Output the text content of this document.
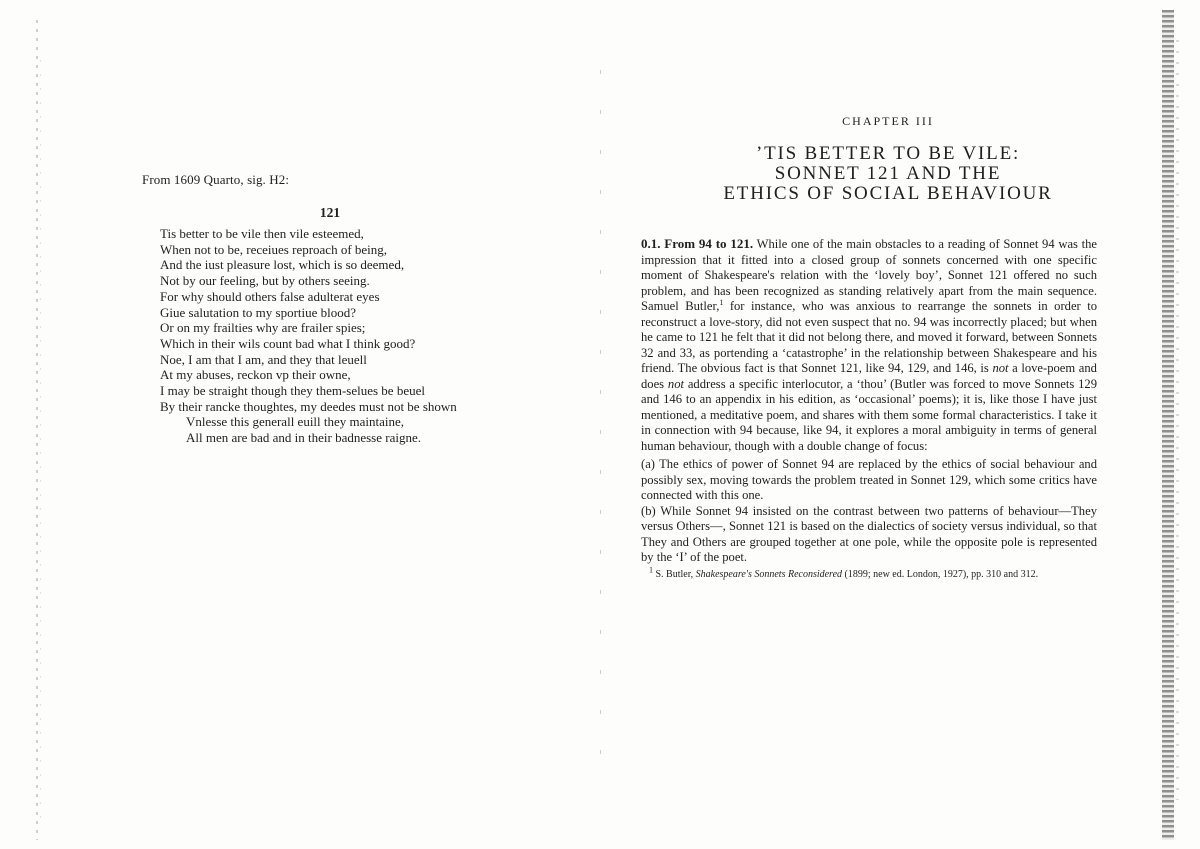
From 1609 Quarto, sig. H2:
121
Tis better to be vile then vile esteemed,
When not to be, receiues reproach of being,
And the iust pleasure lost, which is so deemed,
Not by our feeling, but by others seeing.
For why should others false adulterat eyes
Giue salutation to my sportiue blood?
Or on my frailties why are frailer spies;
Which in their wils count bad what I think good?
Noe, I am that I am, and they that leuell
At my abuses, reckon vp their owne,
I may be straight though they them-selues be beuel
By their rancke thoughtes, my deedes must not be shown
Vnlesse this generall euill they maintaine,
All men are bad and in their badnesse raigne.
CHAPTER III
’TIS BETTER TO BE VILE:
SONNET 121 AND THE
ETHICS OF SOCIAL BEHAVIOUR

0.1. From 94 to 121. While one of the main obstacles to a reading of Sonnet 94 was the impression that it fitted into a closed group of sonnets concerned with one specific moment of Shakespeare's relation with the ‘lovely boy’, Sonnet 121 offered no such problem, and has been recognized as standing relatively apart from the main sequence. Samuel Butler,$^1$ for instance, who was anxious to rearrange the sonnets in order to reconstruct a love-story, did not even suspect that no. 94 was incorrectly placed; but when he came to 121 he felt that it did not belong there, and moved it forward, between Sonnets 32 and 33, as portending a ‘catastrophe’ in the relationship between Shakespeare and his friend. The obvious fact is that Sonnet 121, like 94, 129, and 146, is not a love-poem and does not address a specific interlocutor, a ‘thou’ (Butler was forced to move Sonnets 129 and 146 to an appendix in his edition, as ‘occasional’ poems); it is, like those I have just mentioned, a meditative poem, and shares with them some formal characteristics. I take it in connection with 94 because, like 94, it explores a moral ambiguity in terms of general human behaviour, though with a double change of focus:

(a) The ethics of power of Sonnet 94 are replaced by the ethics of social behaviour and possibly sex, moving towards the problem treated in Sonnet 129, which some critics have connected with this one.

(b) While Sonnet 94 insisted on the contrast between two patterns of behaviour—They versus Others—, Sonnet 121 is based on the dialectics of society versus individual, so that They and Others are grouped together at one pole, while the opposite pole is represented by the ‘I’ of the poet.

$^1$ S. Butler, Shakespeare's Sonnets Reconsidered (1899; new ed. London, 1927), pp. 310 and 312.
